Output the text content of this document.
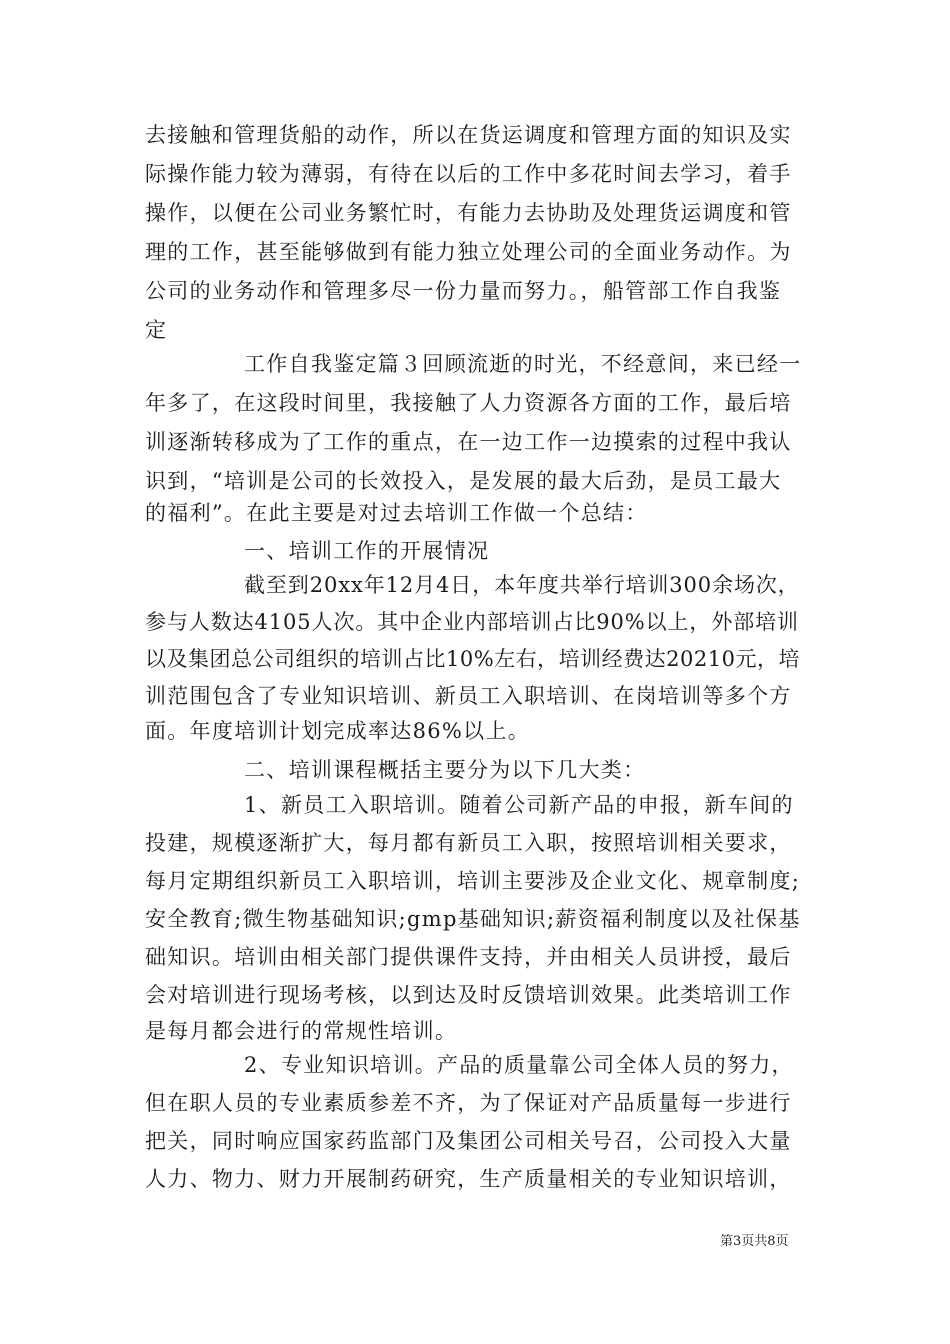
去接触和管理货船的动作，所以在货运调度和管理方面的知识及实
际操作能力较为薄弱，有待在以后的工作中多花时间去学习，着手
操作，以便在公司业务繁忙时，有能力去协助及处理货运调度和管
理的工作，甚至能够做到有能力独立处理公司的全面业务动作。为
公司的业务动作和管理多尽一份力量而努力。，船管部工作自我鉴
定
工作自我鉴定篇３回顾流逝的时光，不经意间，来已经一
年多了，在这段时间里，我接触了人力资源各方面的工作，最后培
训逐渐转移成为了工作的重点，在一边工作一边摸索的过程中我认
识到，“培训是公司的长效投入，是发展的最大后劲，是员工最大
的福利”。在此主要是对过去培训工作做一个总结：
一、培训工作的开展情况
截至到20xx年12月4日，本年度共举行培训300余场次，
参与人数达4105人次。其中企业内部培训占比90%以上，外部培训
以及集团总公司组织的培训占比10%左右，培训经费达20210元，培
训范围包含了专业知识培训、新员工入职培训、在岗培训等多个方
面。年度培训计划完成率达86%以上。
二、培训课程概括主要分为以下几大类：
1、新员工入职培训。随着公司新产品的申报，新车间的
投建，规模逐渐扩大，每月都有新员工入职，按照培训相关要求，
每月定期组织新员工入职培训，培训主要涉及企业文化、规章制度;
安全教育;微生物基础知识;gmp基础知识;薪资福利制度以及社保基
础知识。培训由相关部门提供课件支持，并由相关人员讲授，最后
会对培训进行现场考核，以到达及时反馈培训效果。此类培训工作
是每月都会进行的常规性培训。
2、专业知识培训。产品的质量靠公司全体人员的努力，
但在职人员的专业素质参差不齐，为了保证对产品质量每一步进行
把关，同时响应国家药监部门及集团公司相关号召，公司投入大量
人力、物力、财力开展制药研究，生产质量相关的专业知识培训，
第3页共8页
